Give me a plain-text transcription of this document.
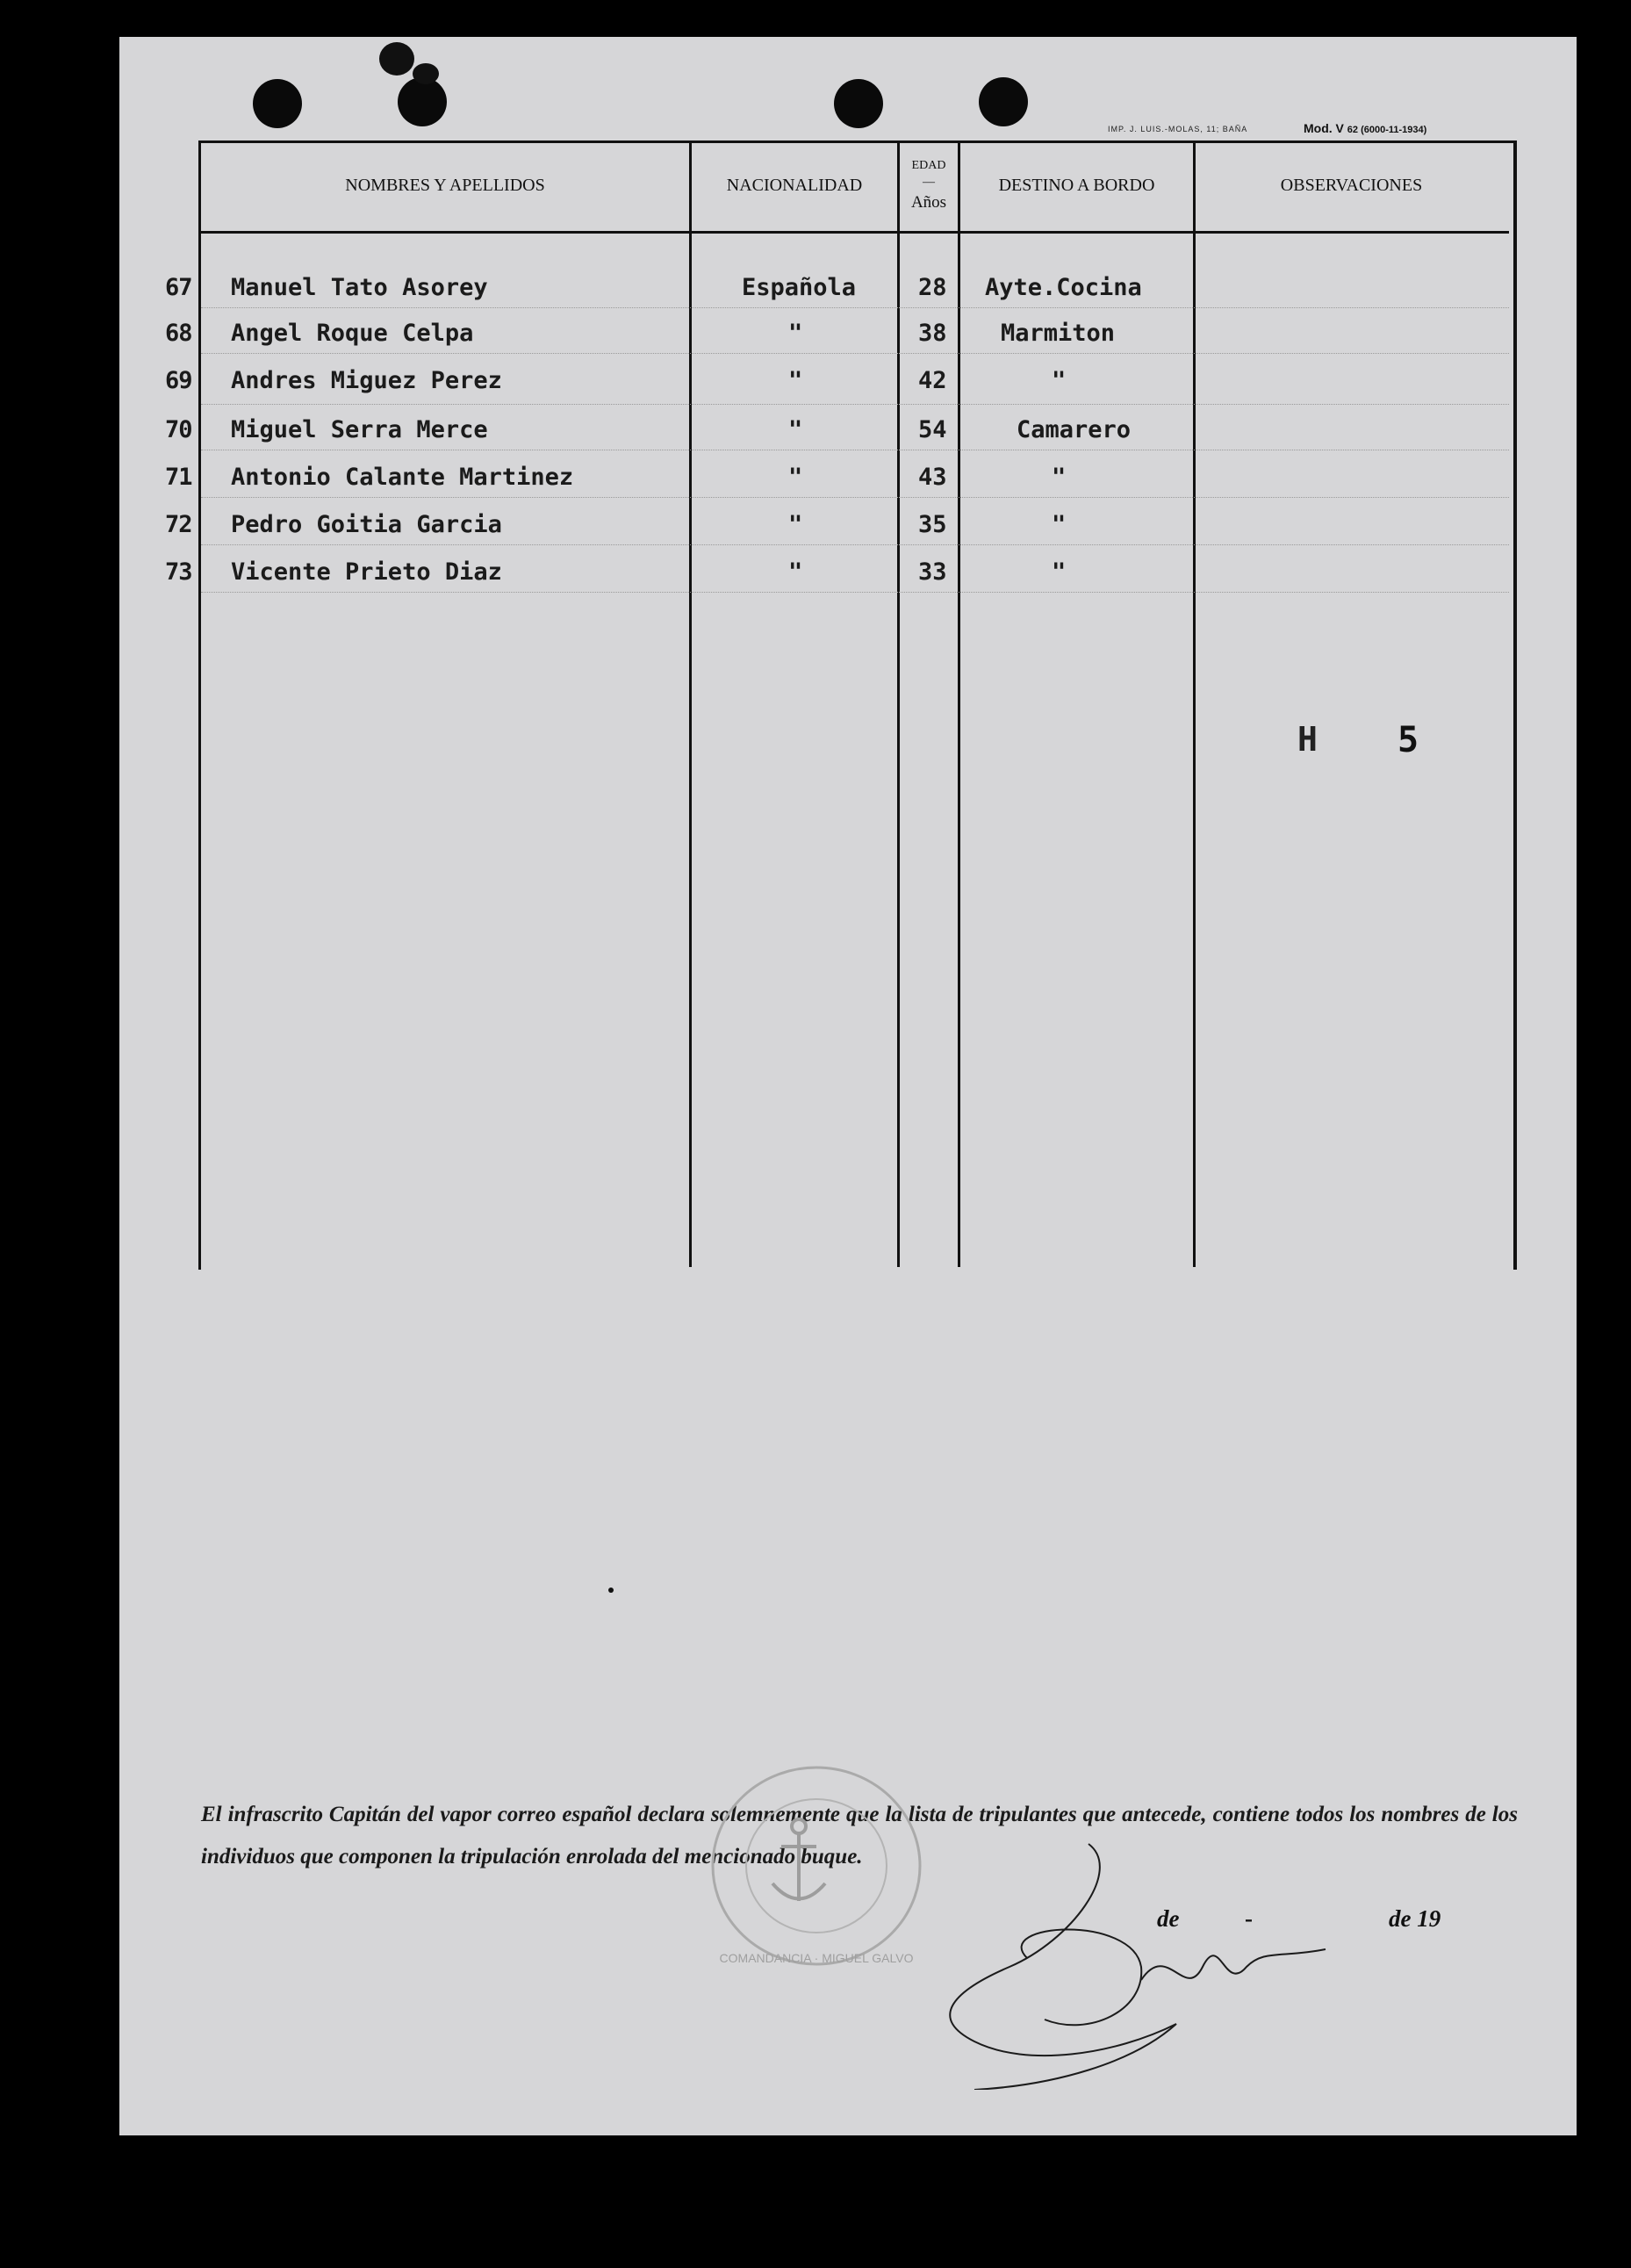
IMP. J. LUIS.-MOLAS, 11; BAÑA	Mod. V 62 (6000-11-1934)
NOMBRES Y APELLIDOS	NACIONALIDAD
EDAD
—
Años
DESTINO A BORDO	OBSERVACIONES
67 Manuel Tato Asorey	Española	28 Ayte.Cocina
68 Angel Roque Celpa	"	38 Marmiton
69 Andres Miguez Perez	"	42	"
70 Miguel Serra Merce	"	54	Camarero
71 Antonio Calante Martinez	"	43	"
72 Pedro Goitia Garcia	"	35	"
73 Vicente Prieto Diaz	"	33	"
H 5

El infrascrito Capitán del vapor correo español declara solemnemente que la lista de tripulantes que antecede, contiene todos los nombres de los individuos que componen la tripulación enrolada del mencionado buque.

COMANDANCIA · MIGUEL GALVO
de	-	de 19
